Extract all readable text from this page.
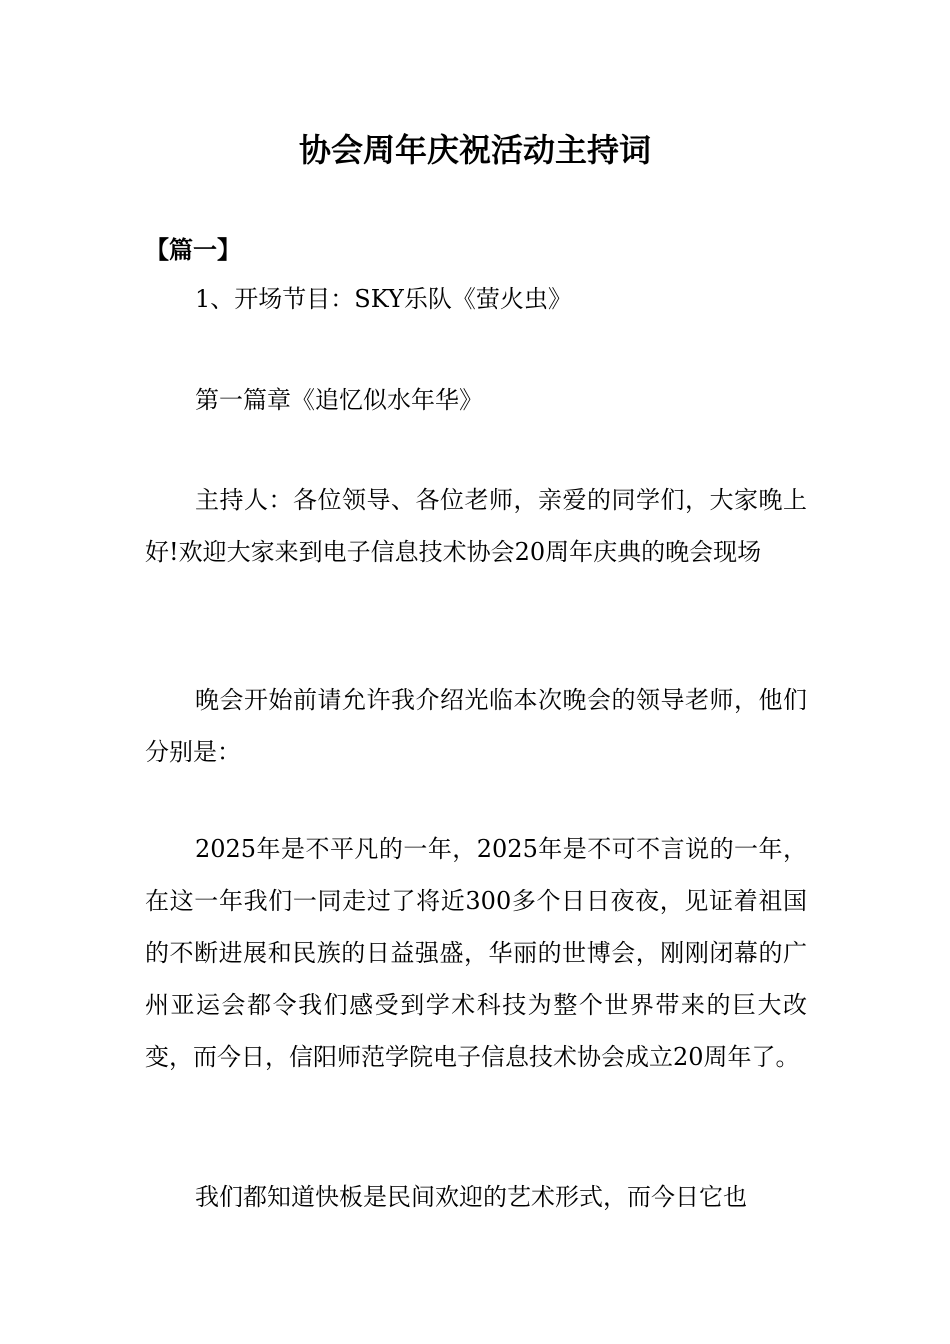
协会周年庆祝活动主持词
【篇一】

1、开场节目：SKY乐队《萤火虫》

第一篇章《追忆似水年华》

主持人：各位领导、各位老师，亲爱的同学们，大家晚上好!欢迎大家来到电子信息技术协会20周年庆典的晚会现场

晚会开始前请允许我介绍光临本次晚会的领导老师，他们分别是：

2025年是不平凡的一年，2025年是不可不言说的一年，在这一年我们一同走过了将近300多个日日夜夜，见证着祖国的不断进展和民族的日益强盛，华丽的世博会，刚刚闭幕的广州亚运会都令我们感受到学术科技为整个世界带来的巨大改变，而今日，信阳师范学院电子信息技术协会成立20周年了。

我们都知道快板是民间欢迎的艺术形式，而今日它也
